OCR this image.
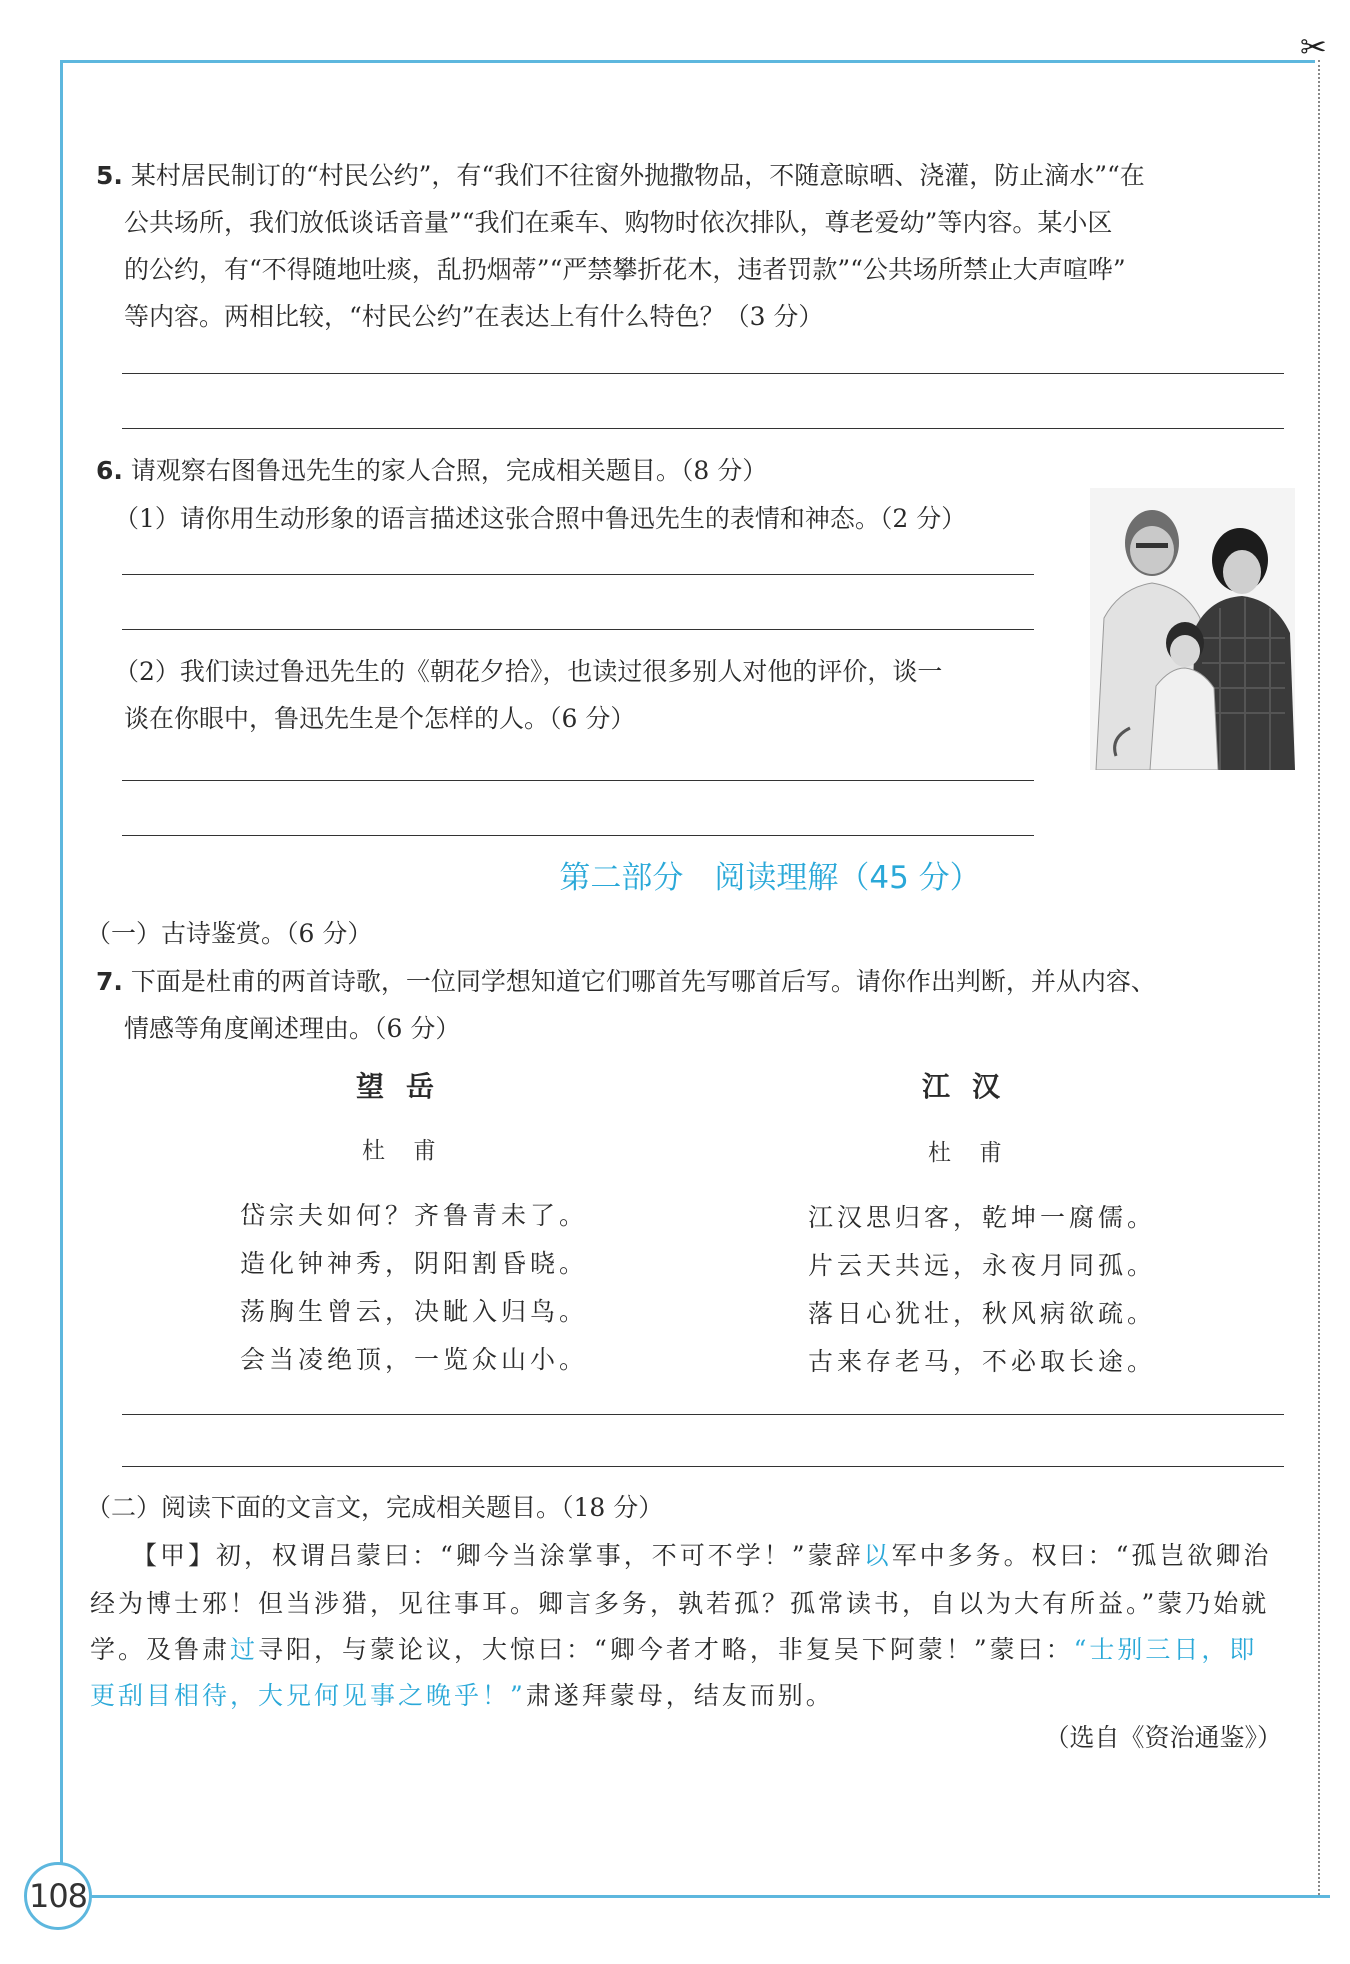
✂
108
5. 某村居民制订的“村民公约”，有“我们不往窗外抛撒物品，不随意晾晒、浇灌，防止滴水”“在
公共场所，我们放低谈话音量”“我们在乘车、购物时依次排队，尊老爱幼”等内容。某小区
的公约，有“不得随地吐痰，乱扔烟蒂”“严禁攀折花木，违者罚款”“公共场所禁止大声喧哗”
等内容。两相比较，“村民公约”在表达上有什么特色？（3 分）
6. 请观察右图鲁迅先生的家人合照，完成相关题目。（8 分）
（1）请你用生动形象的语言描述这张合照中鲁迅先生的表情和神态。（2 分）
（2）我们读过鲁迅先生的《朝花夕拾》，也读过很多别人对他的评价，谈一
谈在你眼中，鲁迅先生是个怎样的人。（6 分）
第二部分　阅读理解（45 分）
（一）古诗鉴赏。（6 分）
7. 下面是杜甫的两首诗歌，一位同学想知道它们哪首先写哪首后写。请你作出判断，并从内容、
情感等角度阐述理由。（6 分）
望岳
杜甫
岱宗夫如何？齐鲁青未了。
造化钟神秀，阴阳割昏晓。
荡胸生曾云，决眦入归鸟。
会当凌绝顶，一览众山小。
江汉
杜甫
江汉思归客，乾坤一腐儒。
片云天共远，永夜月同孤。
落日心犹壮，秋风病欲疏。
古来存老马，不必取长途。
（二）阅读下面的文言文，完成相关题目。（18 分）
【甲】初，权谓吕蒙曰：“卿今当涂掌事，不可不学！”蒙辞以军中多务。权曰：“孤岂欲卿治
经为博士邪！但当涉猎，见往事耳。卿言多务，孰若孤？孤常读书，自以为大有所益。”蒙乃始就
学。及鲁肃过寻阳，与蒙论议，大惊曰：“卿今者才略，非复吴下阿蒙！”蒙曰：“士别三日，即
更刮目相待，大兄何见事之晚乎！”肃遂拜蒙母，结友而别。
（选自《资治通鉴》）
